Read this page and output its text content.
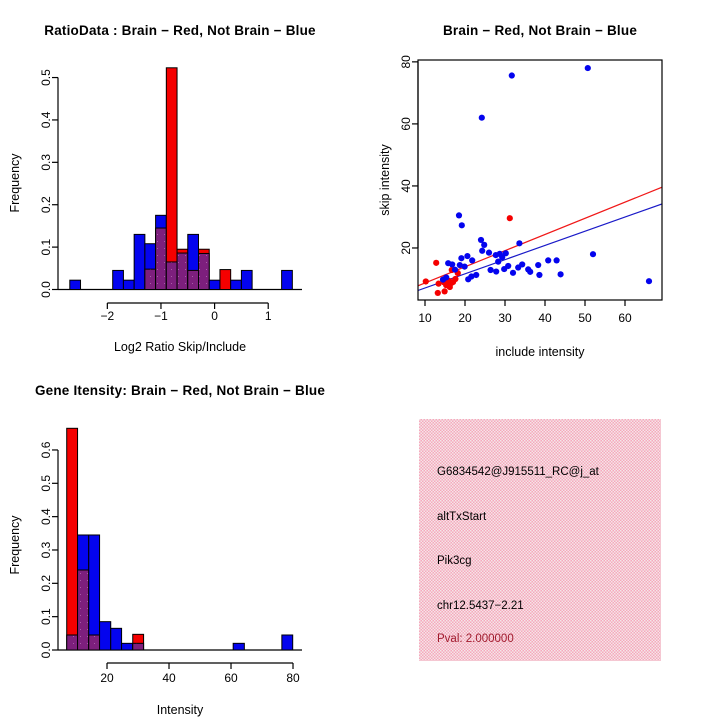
0.0
0.1
0.2
0.3
0.4
0.5
−2	−1	0	1
RatioData : Brain − Red, Not Brain − Blue
Log2 Ratio Skip/Include
Frequency
10 20 30 40 50 60
20
40
60
80
Brain − Red, Not Brain − Blue
include intensity
skip intensity
0.0
0.1
0.2
0.3
0.4
0.5
0.6
20	40	60	80
Gene Itensity: Brain − Red, Not Brain − Blue
Intensity
Frequency
G6834542@J915511_RC@j_at
altTxStart
Pik3cg
chr12.5437−2.21
Pval: 2.000000
